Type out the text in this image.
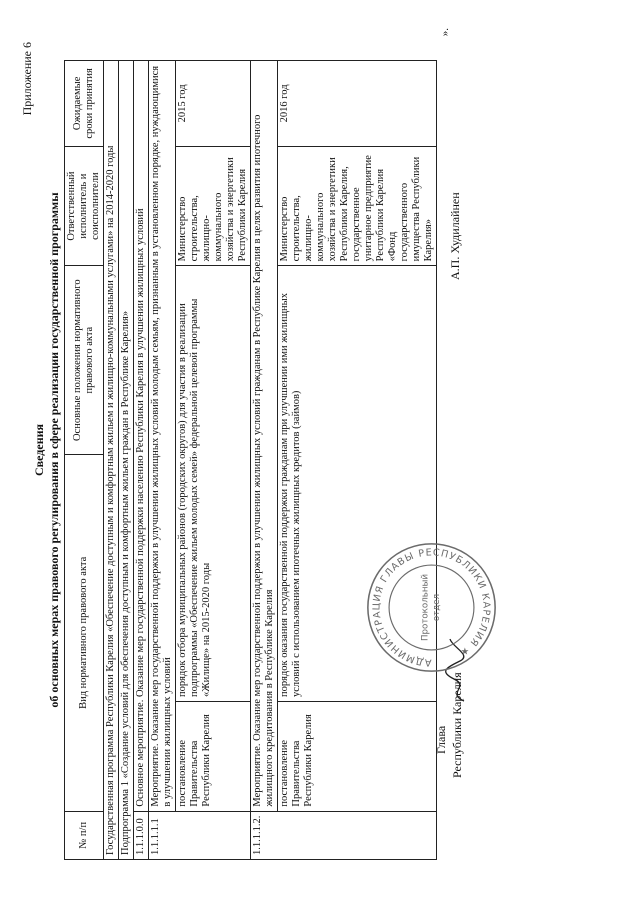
Приложение 6
Сведения об основных мерах правового регулирования в сфере реализации государственной программы
№ п/п	Вид нормативного правового акта		Основные положения нормативного правового акта	Ответственный исполнитель и соисполнители	Ожидаемые сроки принятия
Государственная программа Республики Карелия «Обеспечение доступным и комфортным жильем и жилищно-коммунальными услугами» на 2014-2020 годы					
Подпрограмма 1 «Создание условий для обеспечения доступным и комфортным жильем граждан в Республике Карелия»					
1.1.1.0.0	Основное мероприятие. Оказание мер государственной поддержки населению Республики Карелия в улучшении жилищных условий				
1.1.1.1.1	Мероприятие. Оказание мер государственной поддержки в улучшении жилищных условий молодым семьям, признанным в установленном порядке, нуждающимися в улучшении жилищных условий				
	постановление Правительства Республики Карелия	порядок отбора муниципальных районов (городских округов) для участия в реализации подпрограммы «Обеспечение жильем молодых семей» федеральной целевой программы «Жилище» на 2015-2020 годы		Министерство строительства, жилищно-коммунального хозяйства и энергетики Республики Карелия	2015 год
1.1.1.1.2.	Мероприятие. Оказание мер государственной поддержки в улучшении жилищных условий гражданам в Республике Карелия в целях развития ипотечного жилищного кредитования в Республике Карелия				
	постановление Правительства Республики Карелия	порядок оказания государственной поддержки гражданам при улучшении ими жилищных условий с использованием ипотечных жилищных кредитов (займов)		Министерство строительства, жилищно-коммунального хозяйства и энергетики Республики Карелия, государственное унитарное предприятие Республики Карелия «Фонд государственного имущества Республики Карелия»	2016 год
».
Глава Республики Карелия
А.П. Худилайнен
АДМИНИСТРАЦИЯ ГЛАВЫ РЕСПУБЛИКИ КАРЕЛИЯ ★
Протокольный отдел
